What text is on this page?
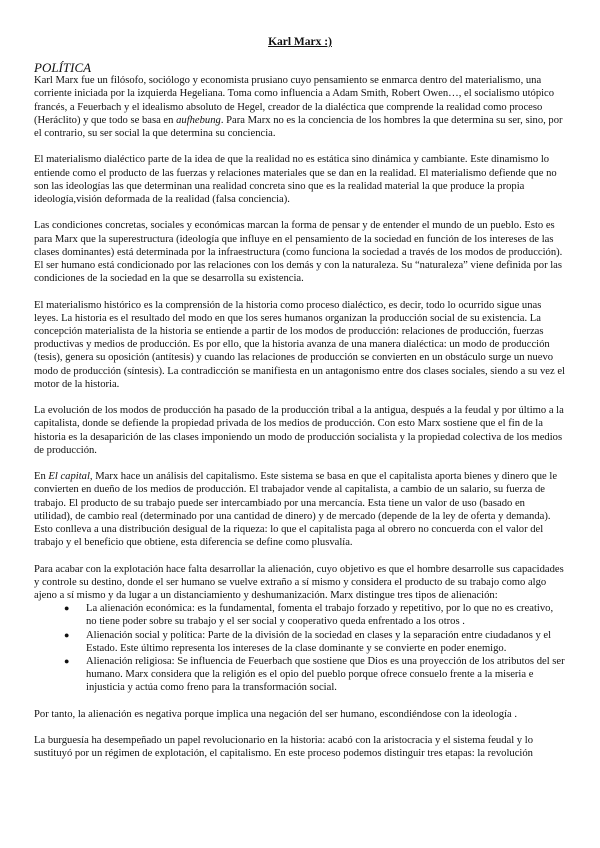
Karl Marx :)
POLÍTICA

Karl Marx fue un filósofo, sociólogo y economista prusiano cuyo pensamiento se enmarca dentro del materialismo, una corriente iniciada por la izquierda Hegeliana. Toma como influencia a Adam Smith, Robert Owen…, el socialismo utópico francés, a Feuerbach y el idealismo absoluto de Hegel, creador de la dialéctica que comprende la realidad como proceso (Heráclito) y que todo se basa en aufhebung. Para Marx no es la conciencia de los hombres la que determina su ser, sino, por el contrario, su ser social la que determina su conciencia.

El materialismo dialéctico parte de la idea de que la realidad no es estática sino dinámica y cambiante. Este dinamismo lo entiende como el producto de las fuerzas y relaciones materiales que se dan en la realidad. El materialismo defiende que no son las ideologías las que determinan una realidad concreta sino que es la realidad material la que produce la propia ideología,visión deformada de la realidad (falsa conciencia).

Las condiciones concretas, sociales y económicas marcan la forma de pensar y de entender el mundo de un pueblo. Esto es para Marx que la superestructura (ideología que influye en el pensamiento de la sociedad en función de los intereses de las clases dominantes) está determinada por la infraestructura (como funciona la sociedad a través de los modos de producción). El ser humano está condicionado por las relaciones con los demás y con la naturaleza. Su “naturaleza” viene definida por las condiciones de la sociedad en la que se desarrolla su existencia.

El materialismo histórico es la comprensión de la historia como proceso dialéctico, es decir, todo lo ocurrido sigue unas leyes. La historia es el resultado del modo en que los seres humanos organizan la producción social de su existencia. La concepción materialista de la historia se entiende a partir de los modos de producción: relaciones de producción, fuerzas productivas y medios de producción. Es por ello, que la historia avanza de una manera dialéctica: un modo de producción (tesis), genera su oposición (antítesis) y cuando las relaciones de producción se convierten en un obstáculo surge un nuevo modo de producción (síntesis). La contradicción se manifiesta en un antagonismo entre dos clases sociales, siendo a su vez el motor de la historia.

La evolución de los modos de producción ha pasado de la producción tribal a la antigua, después a la feudal y por último a la capitalista, donde se defiende la propiedad privada de los medios de producción. Con esto Marx sostiene que el fin de la historia es la desaparición de las clases imponiendo un modo de producción socialista y la propiedad colectiva de los medios de producción.

En El capital, Marx hace un análisis del capitalismo. Este sistema se basa en que el capitalista aporta bienes y dinero que le convierten en dueño de los medios de producción. El trabajador vende al capitalista, a cambio de un salario, su fuerza de trabajo. El producto de su trabajo puede ser intercambiado por una mercancía. Esta tiene un valor de uso (basado en utilidad), de cambio real (determinado por una cantidad de dinero) y de mercado (depende de la ley de oferta y demanda). Esto conlleva a una distribución desigual de la riqueza: lo que el capitalista paga al obrero no concuerda con el valor del trabajo y el beneficio que obtiene, esta diferencia se define como plusvalía.

Para acabar con la explotación hace falta desarrollar la alienación, cuyo objetivo es que el hombre desarrolle sus capacidades y controle su destino, donde el ser humano se vuelve extraño a sí mismo y considera el producto de su trabajo como algo ajeno a sí mismo y da lugar a un distanciamiento y deshumanización. Marx distingue tres tipos de alienación:

● La alienación económica: es la fundamental, fomenta el trabajo forzado y repetitivo, por lo que no es creativo, no tiene poder sobre su trabajo y el ser social y cooperativo queda enfrentado a los otros .
● Alienación social y política: Parte de la división de la sociedad en clases y la separación entre ciudadanos y el Estado. Este último representa los intereses de la clase dominante y se convierte en poder enemigo.
● Alienación religiosa: Se influencia de Feuerbach que sostiene que Dios es una proyección de los atributos del ser humano. Marx considera que la religión es el opio del pueblo porque ofrece consuelo frente a la miseria e injusticia y actúa como freno para la transformación social.

Por tanto, la alienación es negativa porque implica una negación del ser humano, escondiéndose con la ideología .

La burguesía ha desempeñado un papel revolucionario en la historia: acabó con la aristocracia y el sistema feudal y lo sustituyó por un régimen de explotación, el capitalismo. En este proceso podemos distinguir tres etapas: la revolución
